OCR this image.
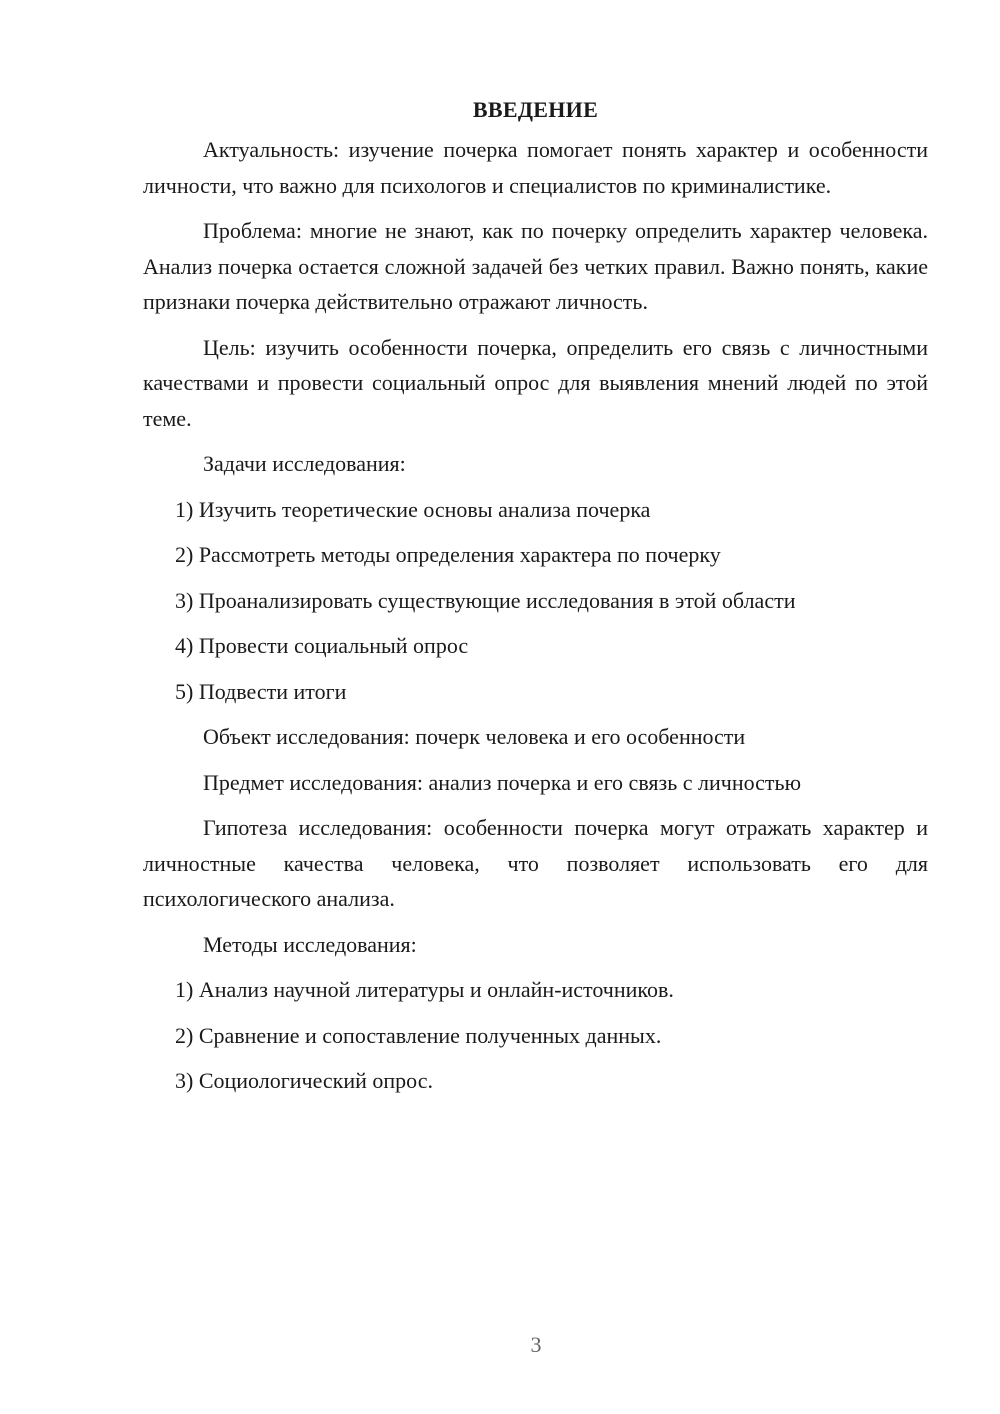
ВВЕДЕНИЕ

Актуальность: изучение почерка помогает понять характер и особенности личности, что важно для психологов и специалистов по криминалистике.

Проблема: многие не знают, как по почерку определить характер человека. Анализ почерка остается сложной задачей без четких правил. Важно понять, какие признаки почерка действительно отражают личность.

Цель: изучить особенности почерка, определить его связь с личностными качествами и провести социальный опрос для выявления мнений людей по этой теме.

Задачи исследования:
1) Изучить теоретические основы анализа почерка
2) Рассмотреть методы определения характера по почерку
3) Проанализировать существующие исследования в этой области
4) Провести социальный опрос
5) Подвести итоги
Объект исследования: почерк человека и его особенности
Предмет исследования: анализ почерка и его связь с личностью

Гипотеза исследования: особенности почерка могут отражать характер и личностные качества человека, что позволяет использовать его для психологического анализа.

Методы исследования:
1) Анализ научной литературы и онлайн-источников.
2) Сравнение и сопоставление полученных данных.
3) Социологический опрос.
3
